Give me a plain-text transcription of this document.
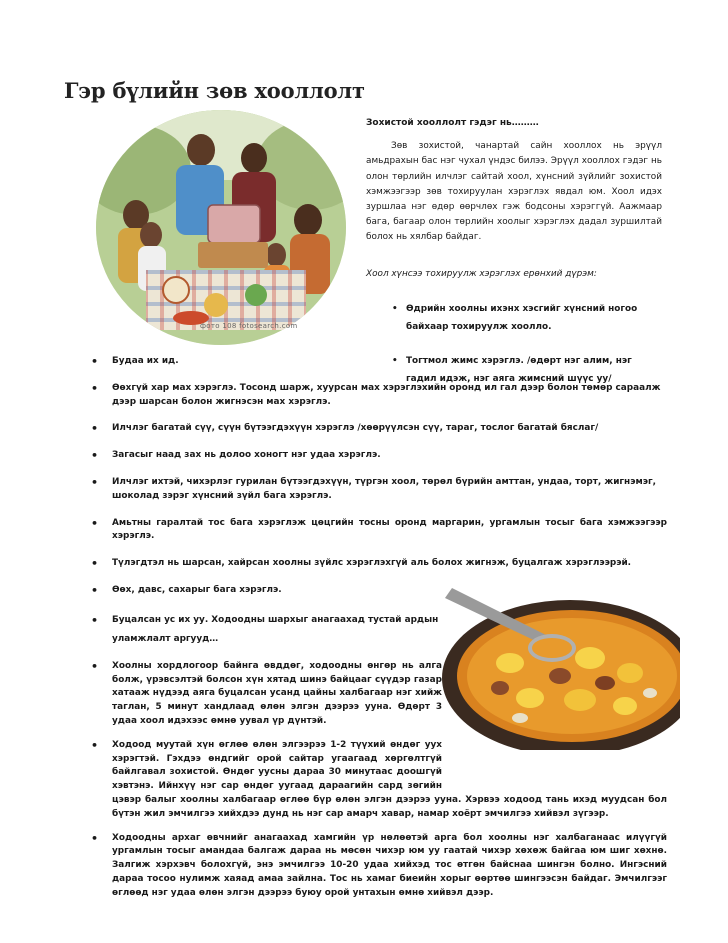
Гэр бүлийн зөв хооллолт
фото 108 fotosearch.com
Зохистой хооллолт гэдэг нь………
Зөв зохистой, чанартай сайн хооллох нь эрүүл амьдрахын бас нэг чухал үндэс билээ. Эрүүл хооллох гэдэг нь олон төрлийн илчлэг сайтай хоол, хүнсний зүйлийг зохистой хэмжээгээр зөв тохируулан хэрэглэх явдал юм. Хоол идэх зуршлаа нэг өдөр өөрчлөх гэж бодсоны хэрэггүй. Аажмаар бага, багаар олон төрлийн хоолыг хэрэглэх дадал зуршилтай болох нь хялбар байдаг.
Хоол хүнсээ тохируулж хэрэглэх ерөнхий дүрэм:
• Өдрийн хоолны ихэнх хэсгийг хүнсний ногоо байхаар тохируулж хоолло.
• Тогтмол жимс хэрэглэ. /өдөрт нэг алим, нэг гадил идэж, нэг аяга жимсний шүүс уу/
Хоол
• Будаа их ид.
• Өөхгүй хар мах хэрэглэ. Тосонд шарж, хуурсан мах хэрэглэхийн оронд ил гал дээр болон төмөр сараалж дээр шарсан болон жигнэсэн мах хэрэглэ.
• Илчлэг багатай сүү, сүүн бүтээгдэхүүн хэрэглэ /хөөрүүлсэн сүү, тараг, тослог багатай бяслаг/
• Загасыг наад зах нь долоо хоногт нэг удаа хэрэглэ.
• Илчлэг ихтэй, чихэрлэг гурилан бүтээгдэхүүн, түргэн хоол, төрөл бүрийн амттан, ундаа, торт, жигнэмэг, шоколад зэрэг хүнсний зүйл бага хэрэглэ.
• Амьтны гаралтай тос бага хэрэглэж цөцгийн тосны оронд маргарин, ургамлын тосыг бага хэмжээгээр хэрэглэ.
• Түлэгдтэл нь шарсан, хайрсан хоолны зүйлс хэрэглэхгүй аль болох жигнэж, буцалгаж хэрэглээрэй.
• Өөх, давс, сахарыг бага хэрэглэ.
• Буцалсан ус их уу. Ходоодны шархыг анагаахад тустай ардын уламжлалт аргууд…
• Хоолны хордлогоор байнга өвддөг, ходоодны өнгөр нь алга болж, үрэвсэлтэй болсон хүн хятад шинэ байцааг сүүдэр газар хатааж нүдээд аяга буцалсан усанд цайны халбагаар нэг хийж таглан, 5 минут хандлаад өлөн элгэн дээрээ ууна. Өдөрт 3 удаа хоол идэхээс өмнө уувал үр дүнтэй.
• Ходоод муутай хүн өглөө өлөн элгээрээ 1-2 түүхий өндөг уух хэрэгтэй. Гэхдээ өндгийг орой сайтар угаагаад хөргөлтгүй байлгавал зохистой. Өндөг уусны дараа 30 минутаас доошгүй хэвтэнэ. Ийнхүү нэг сар өндөг уугаад дараагийн сард зөгийн цэвэр балыг хоолны халбагаар өглөө бүр өлөн элгэн дээрээ ууна. Хэрвээ ходоод тань ихэд муудсан бол бүтэн жил эмчилгээ хийхдээ дунд нь нэг сар амарч хавар, намар хоёрт эмчилгээ хийвэл зүгээр.
• Ходоодны архаг өвчнийг анагаахад хамгийн үр нөлөөтэй арга бол хоолны нэг халбаганаас илүүгүй ургамлын тосыг амандаа балгаж дараа нь мөсөн чихэр юм уу гаатай чихэр хөхөж байгаа юм шиг хөхнө. Залгиж хэрхэвч болохгүй, энэ эмчилгээ 10-20 удаа хийхэд тос өтгөн байснаа шингэн болно. Ингэсний дараа тосоо нулимж хаяад амаа зайлна. Тос нь хамаг биеийн хорыг өөртөө шингээсэн байдаг. Эмчилгээг өглөөд нэг удаа өлөн элгэн дээрээ буюу орой унтахын өмнө хийвэл дээр.
